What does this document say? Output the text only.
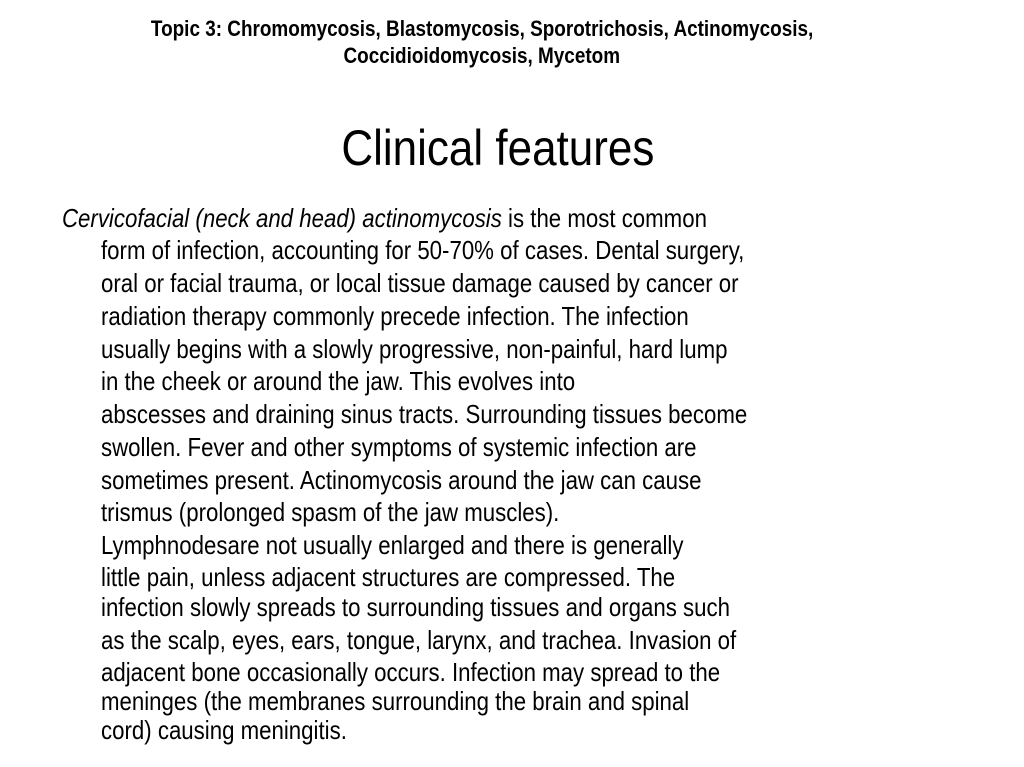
Topic 3: Chromomycosis, Blastomycosis, Sporotrichosis, Actinomycosis,
Coccidioidomycosis, Mycetom
Clinical features
Cervicofacial (neck and head) actinomycosis is the most common
form of infection, accounting for 50-70% of cases. Dental surgery,
oral or facial trauma, or local tissue damage caused by cancer or
radiation therapy commonly precede infection. The infection
usually begins with a slowly progressive, non-painful, hard lump
in the cheek or around the jaw. This evolves into
abscesses and draining sinus tracts. Surrounding tissues become
swollen. Fever and other symptoms of systemic infection are
sometimes present. Actinomycosis around the jaw can cause
trismus (prolonged spasm of the jaw muscles).
Lymphnodesare not usually enlarged and there is generally
little pain, unless adjacent structures are compressed. The
infection slowly spreads to surrounding tissues and organs such
as the scalp, eyes, ears, tongue, larynx, and trachea. Invasion of
adjacent bone occasionally occurs. Infection may spread to the
meninges (the membranes surrounding the brain and spinal
cord) causing meningitis.
